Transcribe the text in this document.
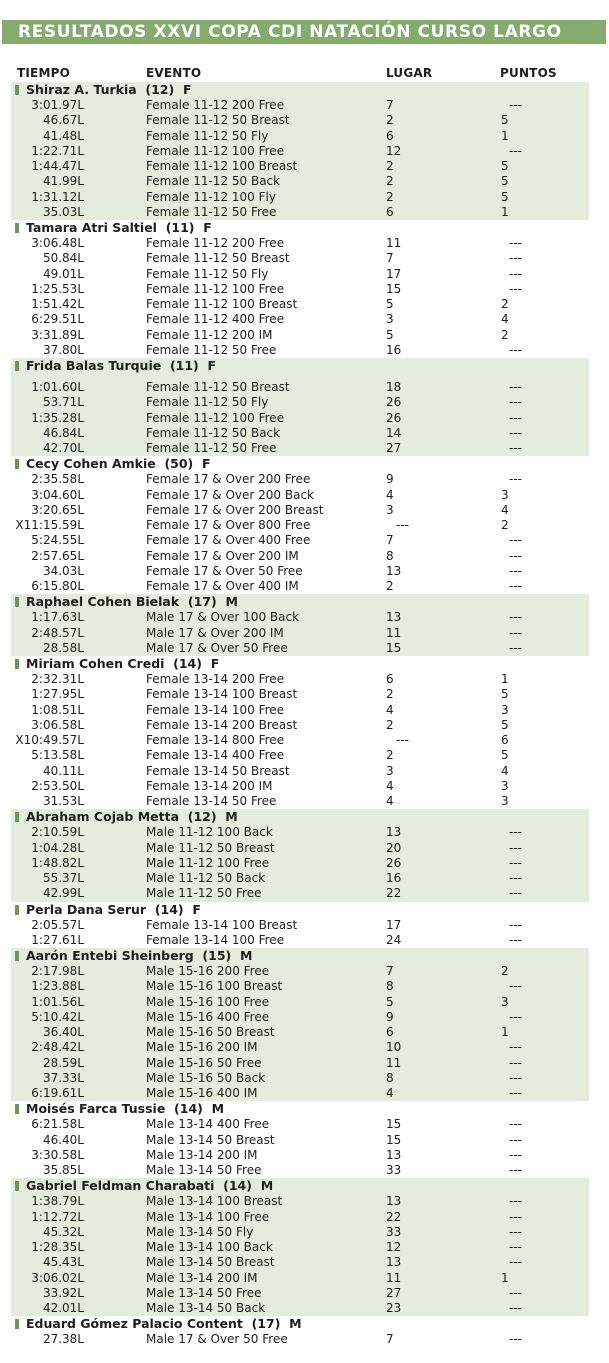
RESULTADOS XXVI COPA CDI NATACIÓN CURSO LARGO
TIEMPO	EVENTO	LUGAR	PUNTOS
Shiraz A. Turkia (12) F
3:01.97L	Female 11-12 200 Free	7	---
46.67L	Female 11-12 50 Breast	2	5
41.48L	Female 11-12 50 Fly	6	1
1:22.71L	Female 11-12 100 Free	12	---
1:44.47L	Female 11-12 100 Breast	2	5
41.99L	Female 11-12 50 Back	2	5
1:31.12L	Female 11-12 100 Fly	2	5
35.03L	Female 11-12 50 Free	6	1
Tamara Atri Saltiel (11) F
3:06.48L	Female 11-12 200 Free	11	---
50.84L	Female 11-12 50 Breast	7	---
49.01L	Female 11-12 50 Fly	17	---
1:25.53L	Female 11-12 100 Free	15	---
1:51.42L	Female 11-12 100 Breast	5	2
6:29.51L	Female 11-12 400 Free	3	4
3:31.89L	Female 11-12 200 IM	5	2
37.80L	Female 11-12 50 Free	16	---
Frida Balas Turquie (11) F
1:01.60L	Female 11-12 50 Breast	18	---
53.71L	Female 11-12 50 Fly	26	---
1:35.28L	Female 11-12 100 Free	26	---
46.84L	Female 11-12 50 Back	14	---
42.70L	Female 11-12 50 Free	27	---
Cecy Cohen Amkie (50) F
2:35.58L	Female 17 & Over 200 Free	9	---
3:04.60L	Female 17 & Over 200 Back	4	3
3:20.65L	Female 17 & Over 200 Breast	3	4
X11:15.59L	Female 17 & Over 800 Free	---	2
5:24.55L	Female 17 & Over 400 Free	7	---
2:57.65L	Female 17 & Over 200 IM	8	---
34.03L	Female 17 & Over 50 Free	13	---
6:15.80L	Female 17 & Over 400 IM	2	---
Raphael Cohen Bielak (17) M
1:17.63L	Male 17 & Over 100 Back	13	---
2:48.57L	Male 17 & Over 200 IM	11	---
28.58L	Male 17 & Over 50 Free	15	---
Miriam Cohen Credi (14) F
2:32.31L	Female 13-14 200 Free	6	1
1:27.95L	Female 13-14 100 Breast	2	5
1:08.51L	Female 13-14 100 Free	4	3
3:06.58L	Female 13-14 200 Breast	2	5
X10:49.57L	Female 13-14 800 Free	---	6
5:13.58L	Female 13-14 400 Free	2	5
40.11L	Female 13-14 50 Breast	3	4
2:53.50L	Female 13-14 200 IM	4	3
31.53L	Female 13-14 50 Free	4	3
Abraham Cojab Metta (12) M
2:10.59L	Male 11-12 100 Back	13	---
1:04.28L	Male 11-12 50 Breast	20	---
1:48.82L	Male 11-12 100 Free	26	---
55.37L	Male 11-12 50 Back	16	---
42.99L	Male 11-12 50 Free	22	---
Perla Dana Serur (14) F
2:05.57L	Female 13-14 100 Breast	17	---
1:27.61L	Female 13-14 100 Free	24	---
Aarón Entebi Sheinberg (15) M
2:17.98L	Male 15-16 200 Free	7	2
1:23.88L	Male 15-16 100 Breast	8	---
1:01.56L	Male 15-16 100 Free	5	3
5:10.42L	Male 15-16 400 Free	9	---
36.40L	Male 15-16 50 Breast	6	1
2:48.42L	Male 15-16 200 IM	10	---
28.59L	Male 15-16 50 Free	11	---
37.33L	Male 15-16 50 Back	8	---
6:19.61L	Male 15-16 400 IM	4	---
Moisés Farca Tussie (14) M
6:21.58L	Male 13-14 400 Free	15	---
46.40L	Male 13-14 50 Breast	15	---
3:30.58L	Male 13-14 200 IM	13	---
35.85L	Male 13-14 50 Free	33	---
Gabriel Feldman Charabati (14) M
1:38.79L	Male 13-14 100 Breast	13	---
1:12.72L	Male 13-14 100 Free	22	---
45.32L	Male 13-14 50 Fly	33	---
1:28.35L	Male 13-14 100 Back	12	---
45.43L	Male 13-14 50 Breast	13	---
3:06.02L	Male 13-14 200 IM	11	1
33.92L	Male 13-14 50 Free	27	---
42.01L	Male 13-14 50 Back	23	---
Eduard Gómez Palacio Content (17) M
27.38L	Male 17 & Over 50 Free	7	---
